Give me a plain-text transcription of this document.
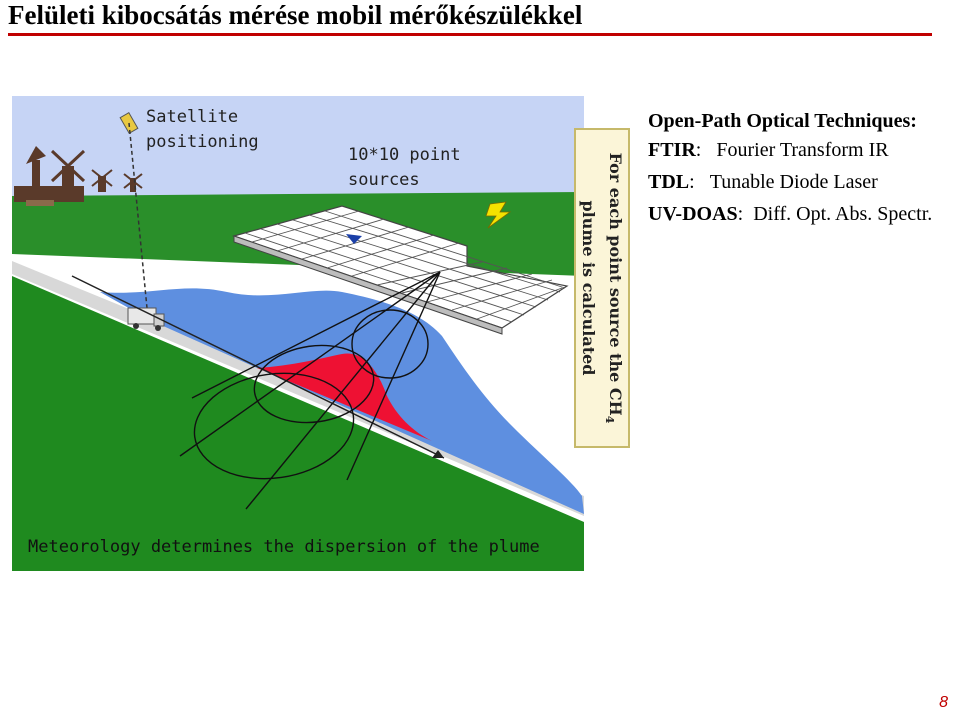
Felületi kibocsátás mérése mobil mérőkészülékkel
Satellite
positioning
10*10 point
sources
Meteorology determines the dispersion of the plume
For each point source the $CH_4$
plume is calculated
Open-Path Optical Techniques:
FTIR: Fourier Transform IR
TDL: Tunable Diode Laser
UV-DOAS: Diff. Opt. Abs. Spectr.
8
